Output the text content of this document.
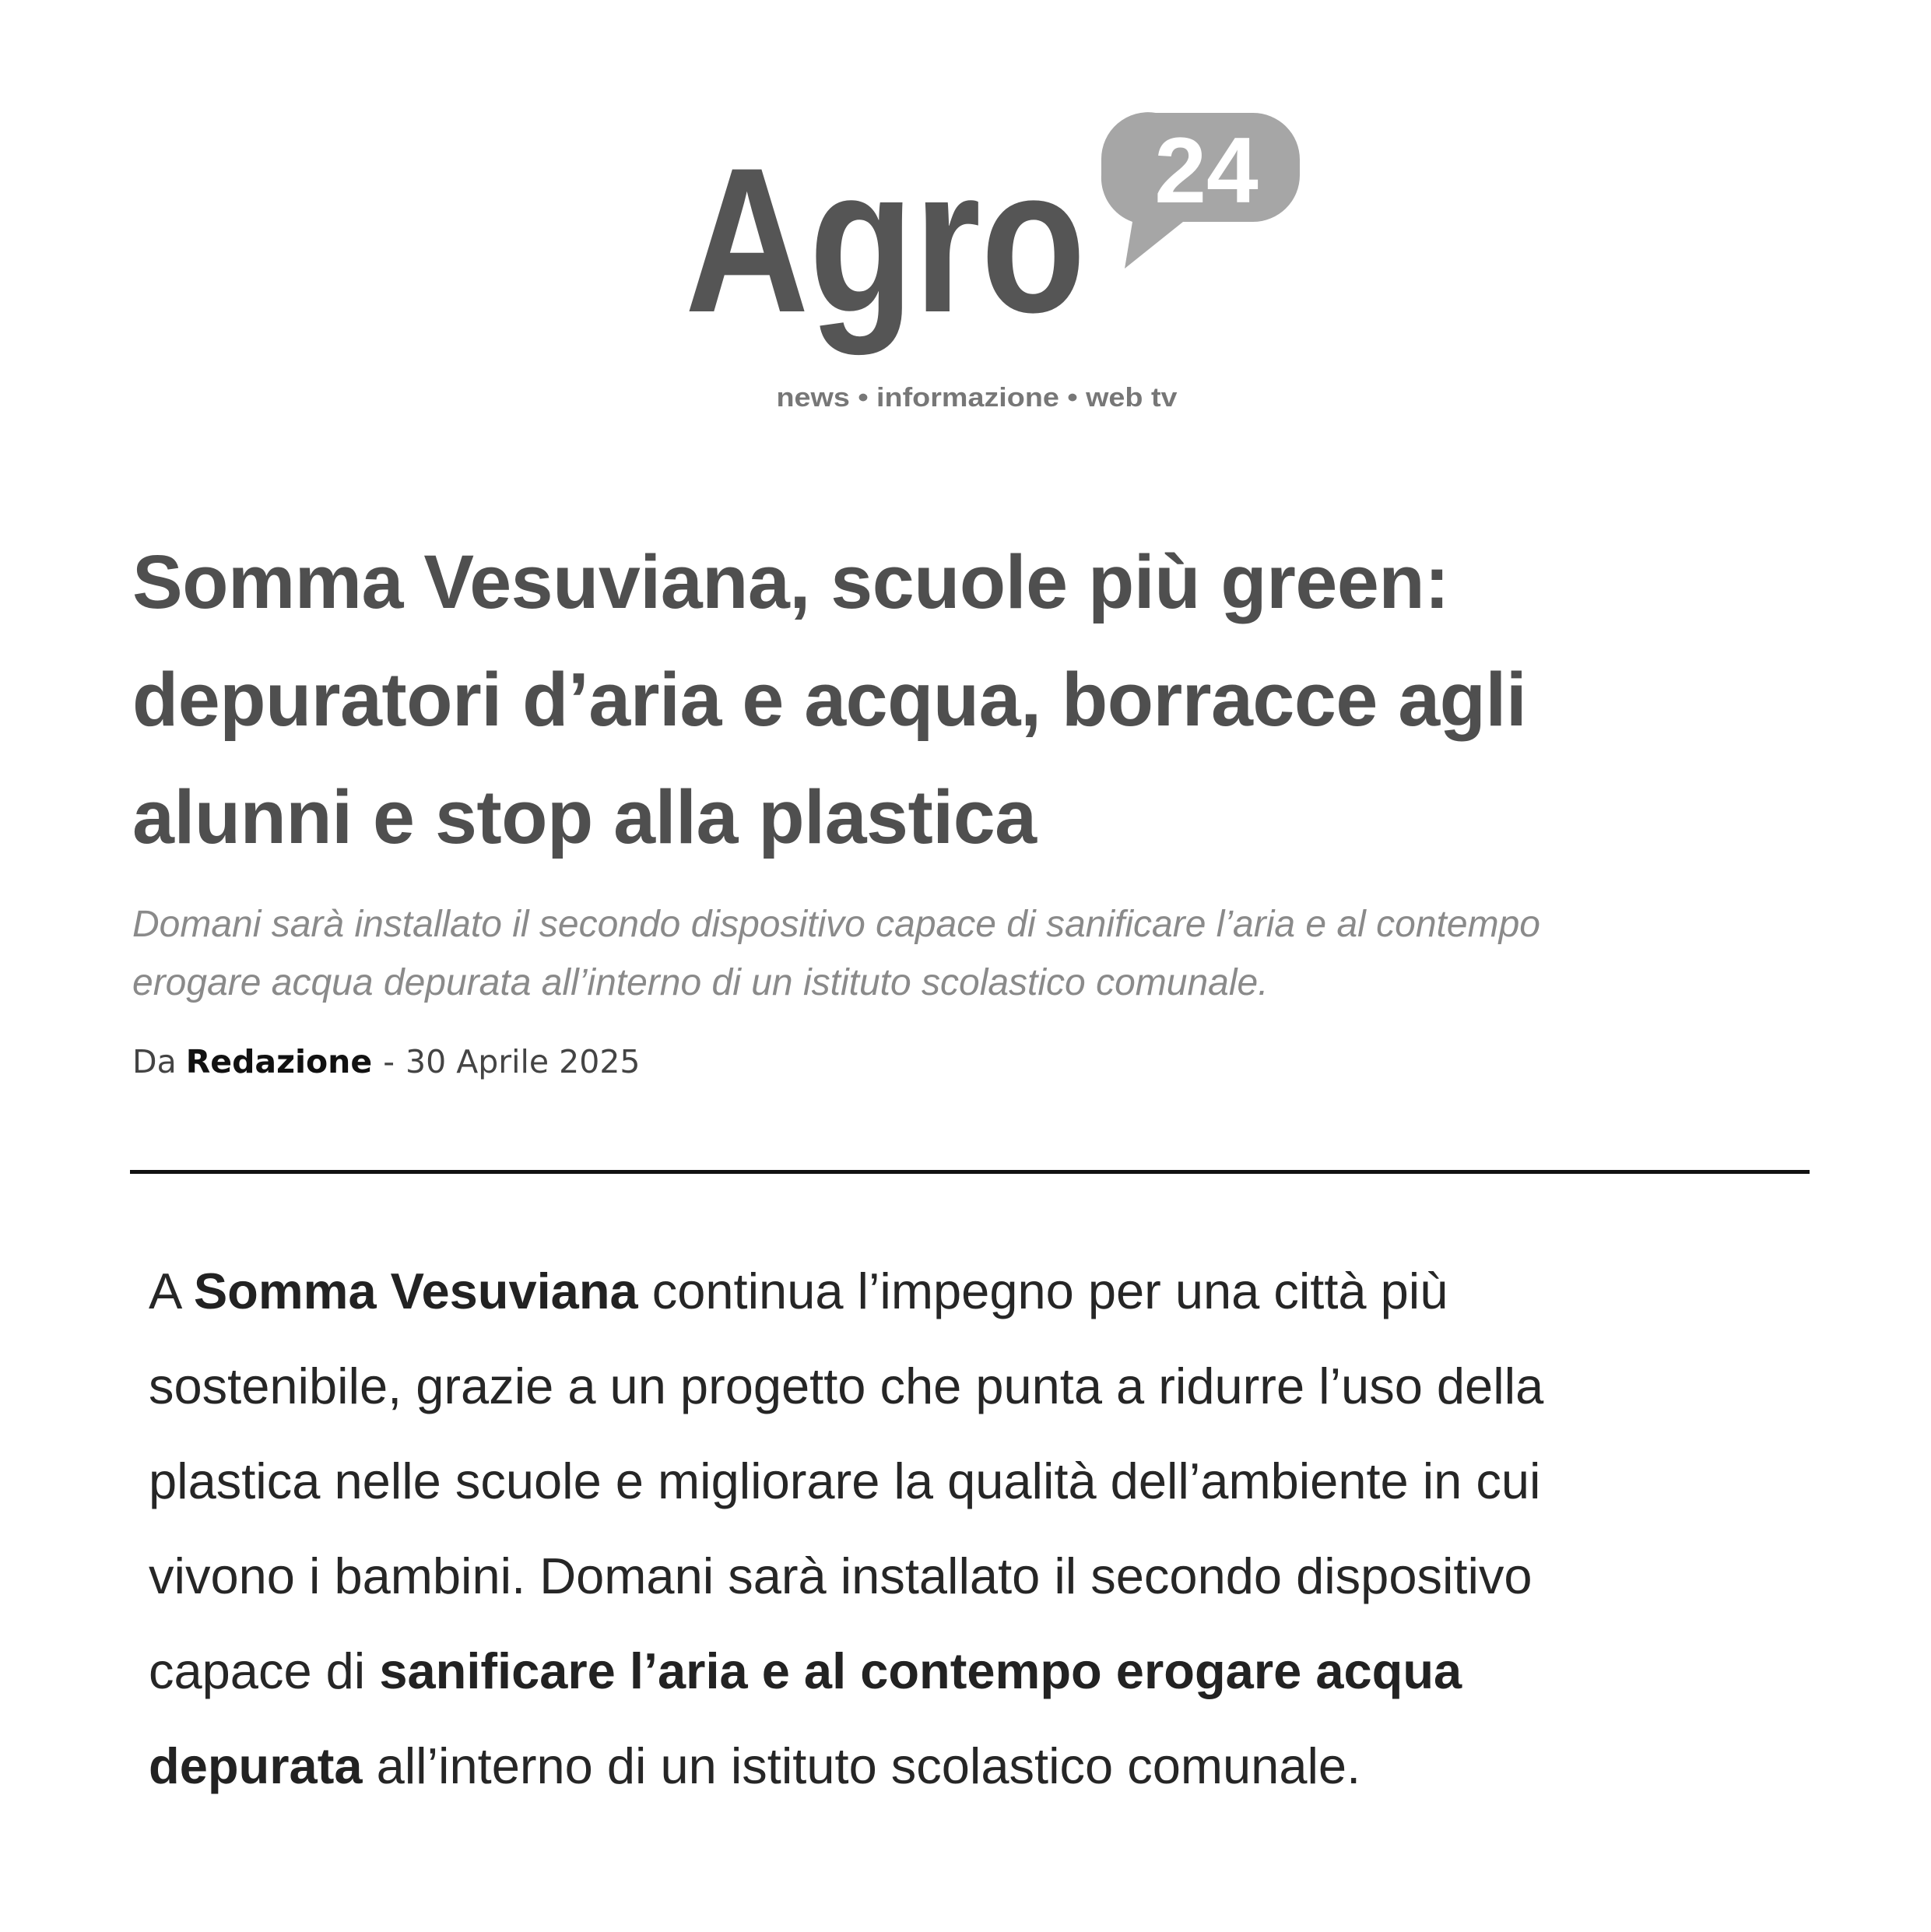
24
Agro
news • informazione • web tv
Somma Vesuviana, scuole più green:
depuratori d’aria e acqua, borracce agli
alunni e stop alla plastica
Domani sarà installato il secondo dispositivo capace di sanificare l’aria e al contempo
erogare acqua depurata all’interno di un istituto scolastico comunale.
Da Redazione - 30 Aprile 2025
A Somma Vesuviana continua l’impegno per una città più
sostenibile, grazie a un progetto che punta a ridurre l’uso della
plastica nelle scuole e migliorare la qualità dell’ambiente in cui
vivono i bambini. Domani sarà installato il secondo dispositivo
capace di sanificare l’aria e al contempo erogare acqua
depurata all’interno di un istituto scolastico comunale.
